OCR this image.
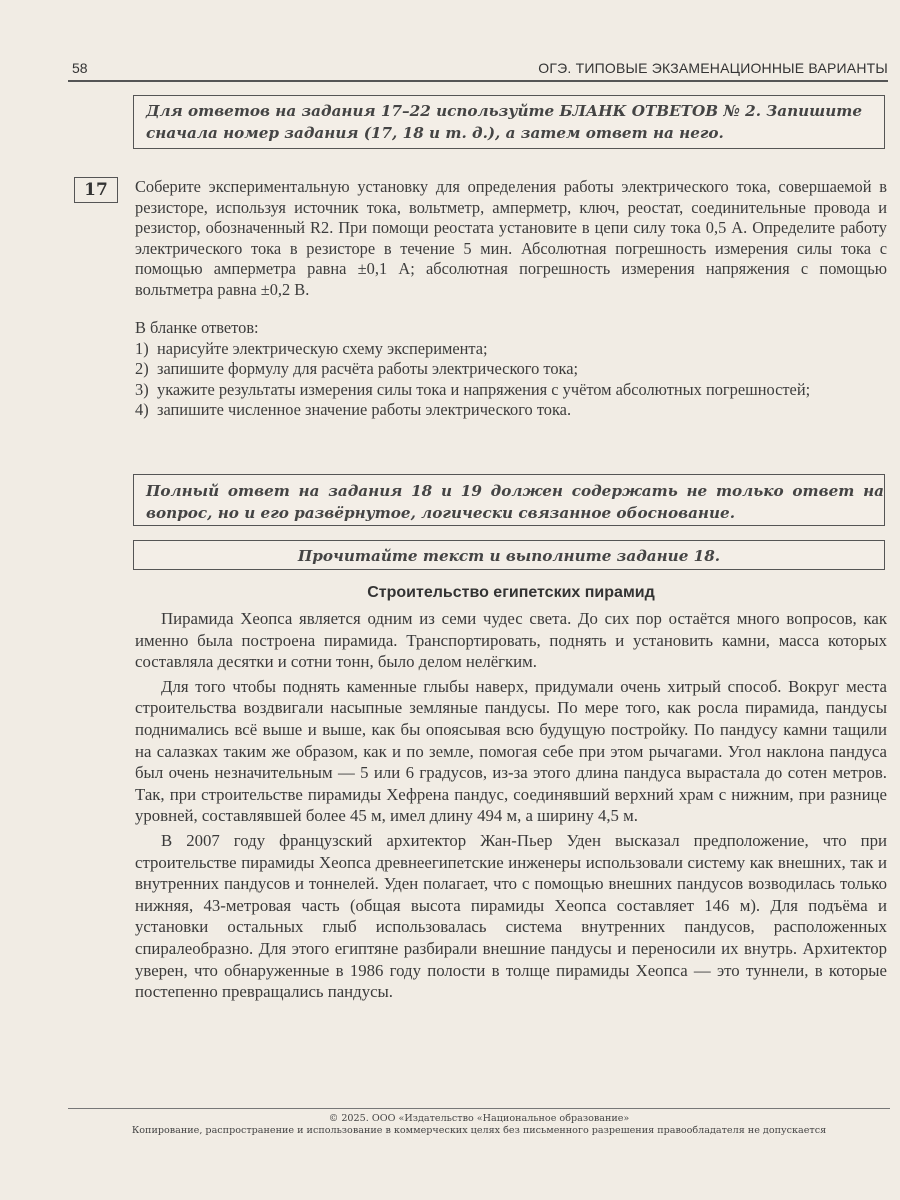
58	ОГЭ. ТИПОВЫЕ ЭКЗАМЕНАЦИОННЫЕ ВАРИАНТЫ
Для ответов на задания 17–22 используйте БЛАНК ОТВЕТОВ № 2. Запишите сначала номер задания (17, 18 и т. д.), а затем ответ на него.
17	Соберите экспериментальную установку для определения работы электрического тока, совершаемой в резисторе, используя источник тока, вольтметр, амперметр, ключ, реостат, соединительные провода и резистор, обозначенный R2. При помощи реостата установите в цепи силу тока 0,5 А. Определите работу электрического тока в резисторе в течение 5 мин. Абсолютная погрешность измерения силы тока с помощью амперметра равна ±0,1 А; абсолютная погрешность измерения напряжения с помощью вольтметра равна ±0,2 В.

В бланке ответов:
1) нарисуйте электрическую схему эксперимента;
2) запишите формулу для расчёта работы электрического тока;
3) укажите результаты измерения силы тока и напряжения с учётом абсолютных погрешностей;
4) запишите численное значение работы электрического тока.
Полный ответ на задания 18 и 19 должен содержать не только ответ на вопрос, но и его развёрнутое, логически связанное обоснование.
Прочитайте текст и выполните задание 18.
Строительство египетских пирамид

Пирамида Хеопса является одним из семи чудес света. До сих пор остаётся много вопросов, как именно была построена пирамида. Транспортировать, поднять и установить камни, масса которых составляла десятки и сотни тонн, было делом нелёгким.

Для того чтобы поднять каменные глыбы наверх, придумали очень хитрый способ. Вокруг места строительства воздвигали насыпные земляные пандусы. По мере того, как росла пирамида, пандусы поднимались всё выше и выше, как бы опоясывая всю будущую постройку. По пандусу камни тащили на салазках таким же образом, как и по земле, помогая себе при этом рычагами. Угол наклона пандуса был очень незначительным — 5 или 6 градусов, из-за этого длина пандуса вырастала до сотен метров. Так, при строительстве пирамиды Хефрена пандус, соединявший верхний храм с нижним, при разнице уровней, составлявшей более 45 м, имел длину 494 м, а ширину 4,5 м.

В 2007 году французский архитектор Жан-Пьер Уден высказал предположение, что при строительстве пирамиды Хеопса древнеегипетские инженеры использовали систему как внешних, так и внутренних пандусов и тоннелей. Уден полагает, что с помощью внешних пандусов возводилась только нижняя, 43-метровая часть (общая высота пирамиды Хеопса составляет 146 м). Для подъёма и установки остальных глыб использовалась система внутренних пандусов, расположенных спиралеобразно. Для этого египтяне разбирали внешние пандусы и переносили их внутрь. Архитектор уверен, что обнаруженные в 1986 году полости в толще пирамиды Хеопса — это туннели, в которые постепенно превращались пандусы.

© 2025. ООО «Издательство «Национальное образование»
Копирование, распространение и использование в коммерческих целях без письменного разрешения правообладателя не допускается
